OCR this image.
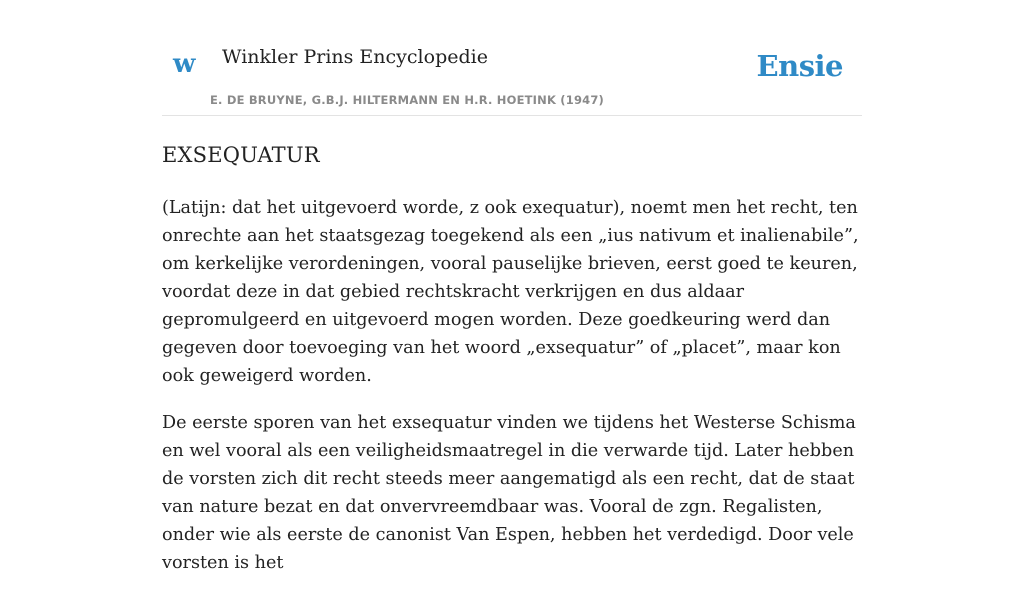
w Winkler Prins Encyclopedie
E. DE BRUYNE, G.B.J. HILTERMANN EN H.R. HOETINK (1947)
Ensie
EXSEQUATUR

(Latijn: dat het uitgevoerd worde, z ook exequatur), noemt men het recht, ten onrechte aan het staatsgezag toegekend als een „ius nativum et inalienabile”, om kerkelijke verordeningen, vooral pauselijke brieven, eerst goed te keuren, voordat deze in dat gebied rechtskracht verkrijgen en dus aldaar gepromulgeerd en uitgevoerd mogen worden. Deze goedkeuring werd dan gegeven door toevoeging van het woord „exsequatur” of „placet”, maar kon ook geweigerd worden.

De eerste sporen van het exsequatur vinden we tijdens het Westerse Schisma en wel vooral als een veiligheidsmaatregel in die verwarde tijd. Later hebben de vorsten zich dit recht steeds meer aangematigd als een recht, dat de staat van nature bezat en dat onvervreemdbaar was. Vooral de zgn. Regalisten, onder wie als eerste de canonist Van Espen, hebben het verdedigd. Door vele vorsten is het
